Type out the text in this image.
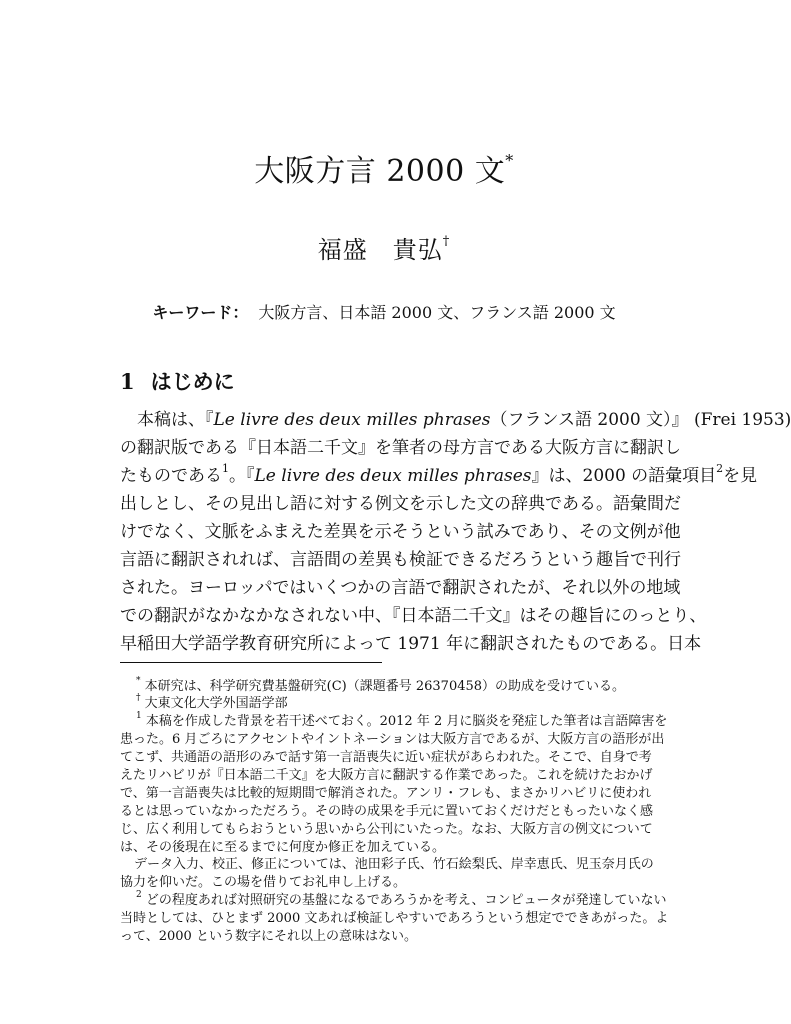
大阪方言 2000 文*
福盛　貴弘†
キーワード： 大阪方言、日本語 2000 文、フランス語 2000 文
1 はじめに
本稿は、『Le livre des deux milles phrases（フランス語 2000 文）』 (Frei 1953)
の翻訳版である『日本語二千文』を筆者の母方言である大阪方言に翻訳し
たものである$^1$。『Le livre des deux milles phrases』は、2000 の語彙項目$^2$を見
出しとし、その見出し語に対する例文を示した文の辞典である。語彙間だ
けでなく、文脈をふまえた差異を示そうという試みであり、その文例が他
言語に翻訳されれば、言語間の差異も検証できるだろうという趣旨で刊行
された。ヨーロッパではいくつかの言語で翻訳されたが、それ以外の地域
での翻訳がなかなかなされない中、『日本語二千文』はその趣旨にのっとり、
早稲田大学語学教育研究所によって 1971 年に翻訳されたものである。日本
* 本研究は、科学研究費基盤研究(C)（課題番号 26370458）の助成を受けている。
† 大東文化大学外国語学部
$^1$ 本稿を作成した背景を若干述べておく。2012 年 2 月に脳炎を発症した筆者は言語障害を
患った。6 月ごろにアクセントやイントネーションは大阪方言であるが、大阪方言の語形が出
てこず、共通語の語形のみで話す第一言語喪失に近い症状があらわれた。そこで、自身で考
えたリハビリが『日本語二千文』を大阪方言に翻訳する作業であった。これを続けたおかげ
で、第一言語喪失は比較的短期間で解消された。アンリ・フレも、まさかリハビリに使われ
るとは思っていなかっただろう。その時の成果を手元に置いておくだけだともったいなく感
じ、広く利用してもらおうという思いから公刊にいたった。なお、大阪方言の例文について
は、その後現在に至るまでに何度か修正を加えている。
データ入力、校正、修正については、池田彩子氏、竹石絵梨氏、岸幸恵氏、児玉奈月氏の
協力を仰いだ。この場を借りてお礼申し上げる。
$^2$ どの程度あれば対照研究の基盤になるであろうかを考え、コンピュータが発達していない
当時としては、ひとまず 2000 文あれば検証しやすいであろうという想定でできあがった。よ
って、2000 という数字にそれ以上の意味はない。
